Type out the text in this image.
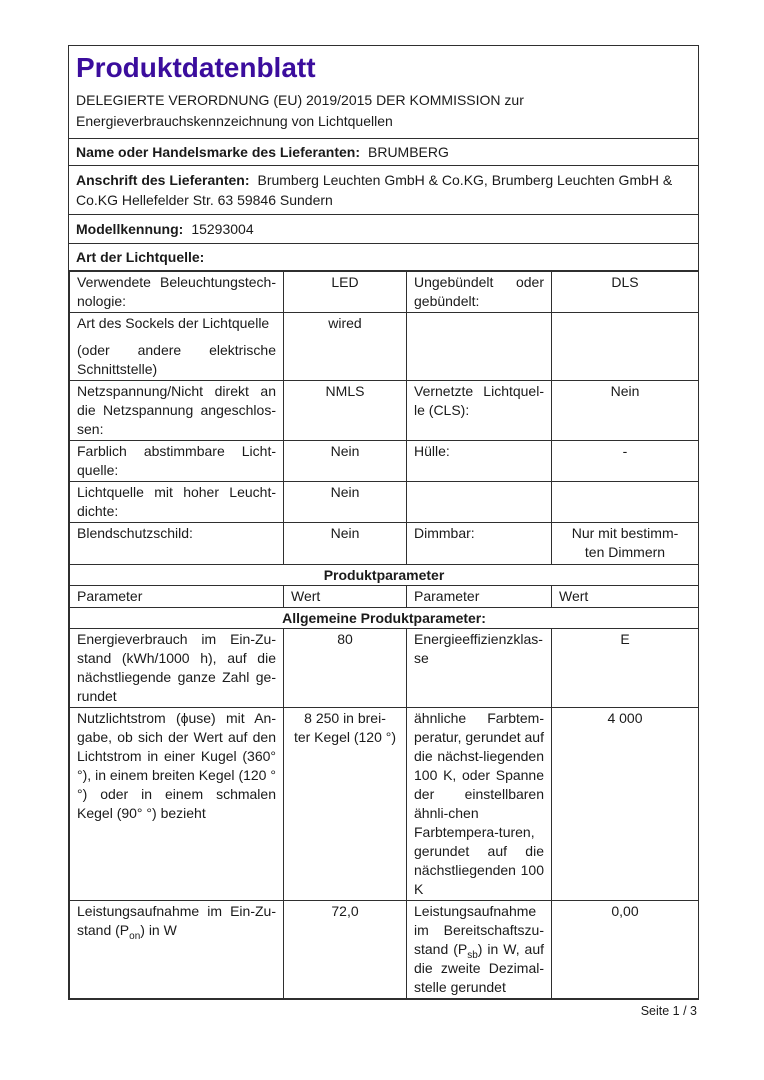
Produktdatenblatt

DELEGIERTE VERORDNUNG (EU) 2019/2015 DER KOMMISSION zur

Energieverbrauchskennzeichnung von Lichtquellen

Name oder Handelsmarke des Lieferanten: BRUMBERG
Anschrift des Lieferanten: Brumberg Leuchten GmbH & Co.KG, Brumberg Leuchten GmbH & Co.KG Hellefelder Str. 63 59846 Sundern
Modellkennung: 15293004
Art der Lichtquelle:
Verwendete Beleuchtungstech-nologie:	LED	Ungebündelt oder gebündelt:	DLS

Art des Sockels der Lichtquelle
(oder andere elektrische Schnittstelle)	wired		
Netzspannung/Nicht direkt an die Netzspannung angeschlos-sen:	NMLS	Vernetzte Lichtquel-le (CLS):	Nein
Farblich abstimmbare Licht-quelle:	Nein	Hülle:	-
Lichtquelle mit hoher Leucht-dichte:	Nein		
Blendschutzschild:	Nein	Dimmbar:	Nur mit bestimm-
ten Dimmern

Produktparameter			
Parameter	Wert	Parameter	Wert
Allgemeine Produktparameter:			
Energieverbrauch im Ein-Zu-stand (kWh/1000 h), auf die nächstliegende ganze Zahl ge-rundet	80	Energieeffizienzklas-se	E
Nutzlichtstrom (ϕuse) mit An-gabe, ob sich der Wert auf den Lichtstrom in einer Kugel (360° °), in einem breiten Kegel (120 °°) oder in einem schmalen Kegel (90° °) bezieht	8 250 in brei-
ter Kegel (120 °)	ähnliche Farbtem-peratur, gerundet auf die nächst-liegenden 100 K, oder Spanne der einstellbaren ähnli-chen Farbtempera-turen, gerundet auf die nächstliegenden 100 K	4 000
Leistungsaufnahme im Ein-Zu-stand $(P_{on})$ in W	72,0	Leistungsaufnahme im Bereitschaftszu-stand $(P_{sb})$ in W, auf die zweite Dezimal-stelle gerundet	0,00
Seite 1 / 3
